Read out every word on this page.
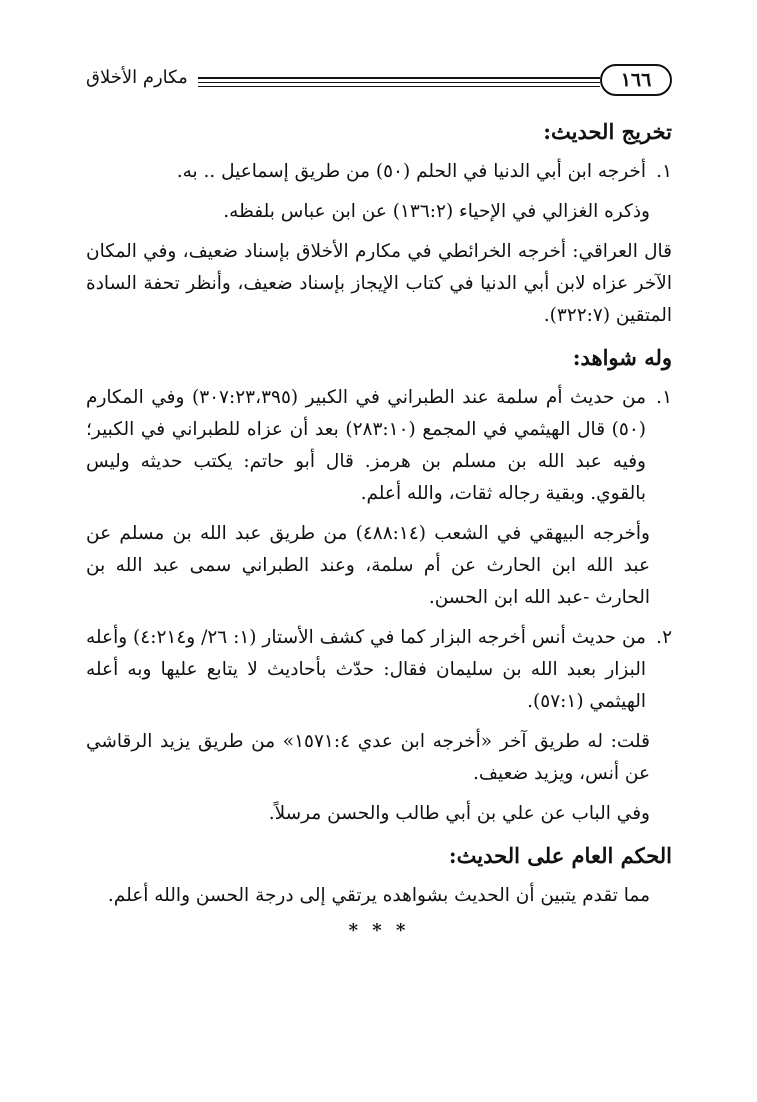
١٦٦
مكارم الأخلاق
تخريج الحديث:
١.
أخرجه ابن أبي الدنيا في الحلم (٥٠) من طريق إسماعيل .. به.

وذكره الغزالي في الإحياء (١٣٦:٢) عن ابن عباس بلفظه.

قال العراقي: أخرجه الخرائطي في مكارم الأخلاق بإسناد ضعيف، وفي المكان الآخر عزاه لابن أبي الدنيا في كتاب الإيجاز بإسناد ضعيف، وأنظر تحفة السادة المتقين (٣٢٢:٧).

وله شواهد:
١.
من حديث أم سلمة عند الطبراني في الكبير (٣٠٧:٢٣،٣٩٥) وفي المكارم (٥٠) قال الهيثمي في المجمع (٢٨٣:١٠) بعد أن عزاه للطبراني في الكبير؛ وفيه عبد الله بن مسلم بن هرمز. قال أبو حاتم: يكتب حديثه وليس بالقوي. وبقية رجاله ثقات، والله أعلم.

وأخرجه البيهقي في الشعب (٤٨٨:١٤) من طريق عبد الله بن مسلم عن عبد الله ابن الحارث عن أم سلمة، وعند الطبراني سمى عبد الله بن الحارث -عبد الله ابن الحسن.

٢.
من حديث أنس أخرجه البزار كما في كشف الأستار (١: ٢٦/ و٤:٢١٤) وأعله البزار بعبد الله بن سليمان فقال: حدّث بأحاديث لا يتابع عليها وبه أعله الهيثمي (٥٧:١).

قلت: له طريق آخر «أخرجه ابن عدي ١٥٧١:٤» من طريق يزيد الرقاشي عن أنس، ويزيد ضعيف.

وفي الباب عن علي بن أبي طالب والحسن مرسلاً.

الحكم العام على الحديث:

مما تقدم يتبين أن الحديث بشواهده يرتقي إلى درجة الحسن والله أعلم.

* * *
